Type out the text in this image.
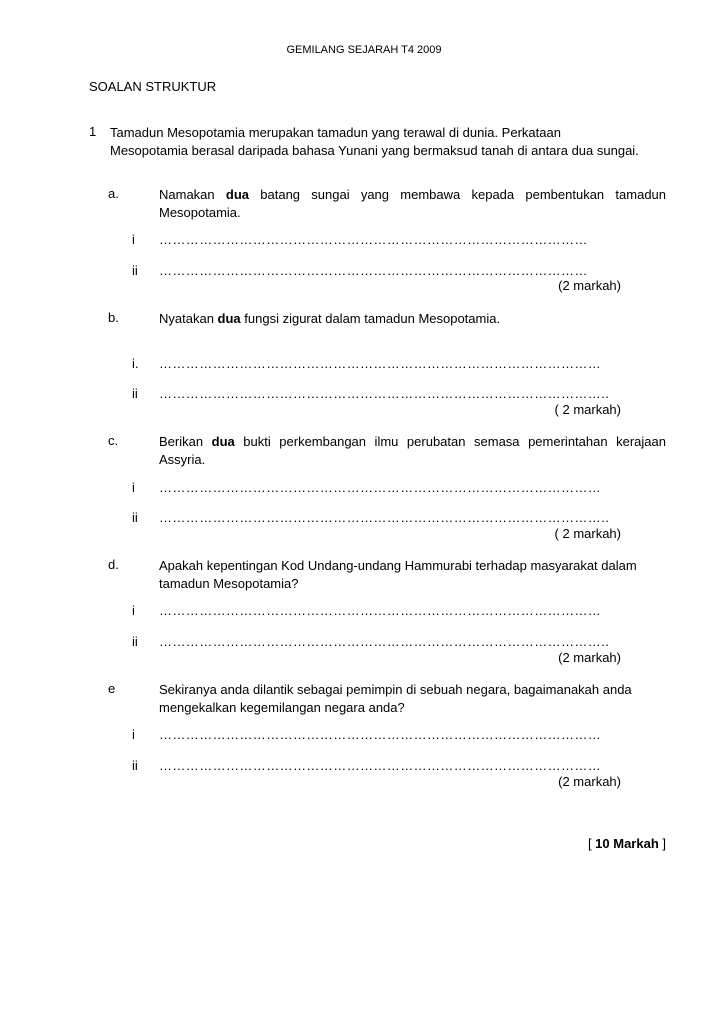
GEMILANG SEJARAH T4 2009
SOALAN STRUKTUR
1 Tamadun Mesopotamia merupakan tamadun yang terawal di dunia. Perkataan
Mesopotamia berasal daripada bahasa Yunani yang bermaksud tanah di antara dua sungai.
a.	Namakan dua batang sungai yang membawa kepada pembentukan tamadun
Mesopotamia.
i ……………………………………………………………………………………
ii ……………………………………………………………………………………
(2 markah)
b.	Nyatakan dua fungsi zigurat dalam tamadun Mesopotamia.
i. ………………………………………………………………………………………
ii ………………………………………………………………………………………..
( 2 markah)
c.	Berikan dua bukti perkembangan ilmu perubatan semasa pemerintahan kerajaan
Assyria.
i ………………………………………………………………………………………
ii ………………………………………………………………………………………..
( 2 markah)
d.	Apakah kepentingan Kod Undang-undang Hammurabi terhadap masyarakat dalam
tamadun Mesopotamia?
i ………………………………………………………………………………………
ii ………………………………………………………………………………………..
(2 markah)
e	Sekiranya anda dilantik sebagai pemimpin di sebuah negara, bagaimanakah anda
mengekalkan kegemilangan negara anda?
i ………………………………………………………………………………………
ii ………………………………………………………………………………………
(2 markah)
[ 10 Markah ]
